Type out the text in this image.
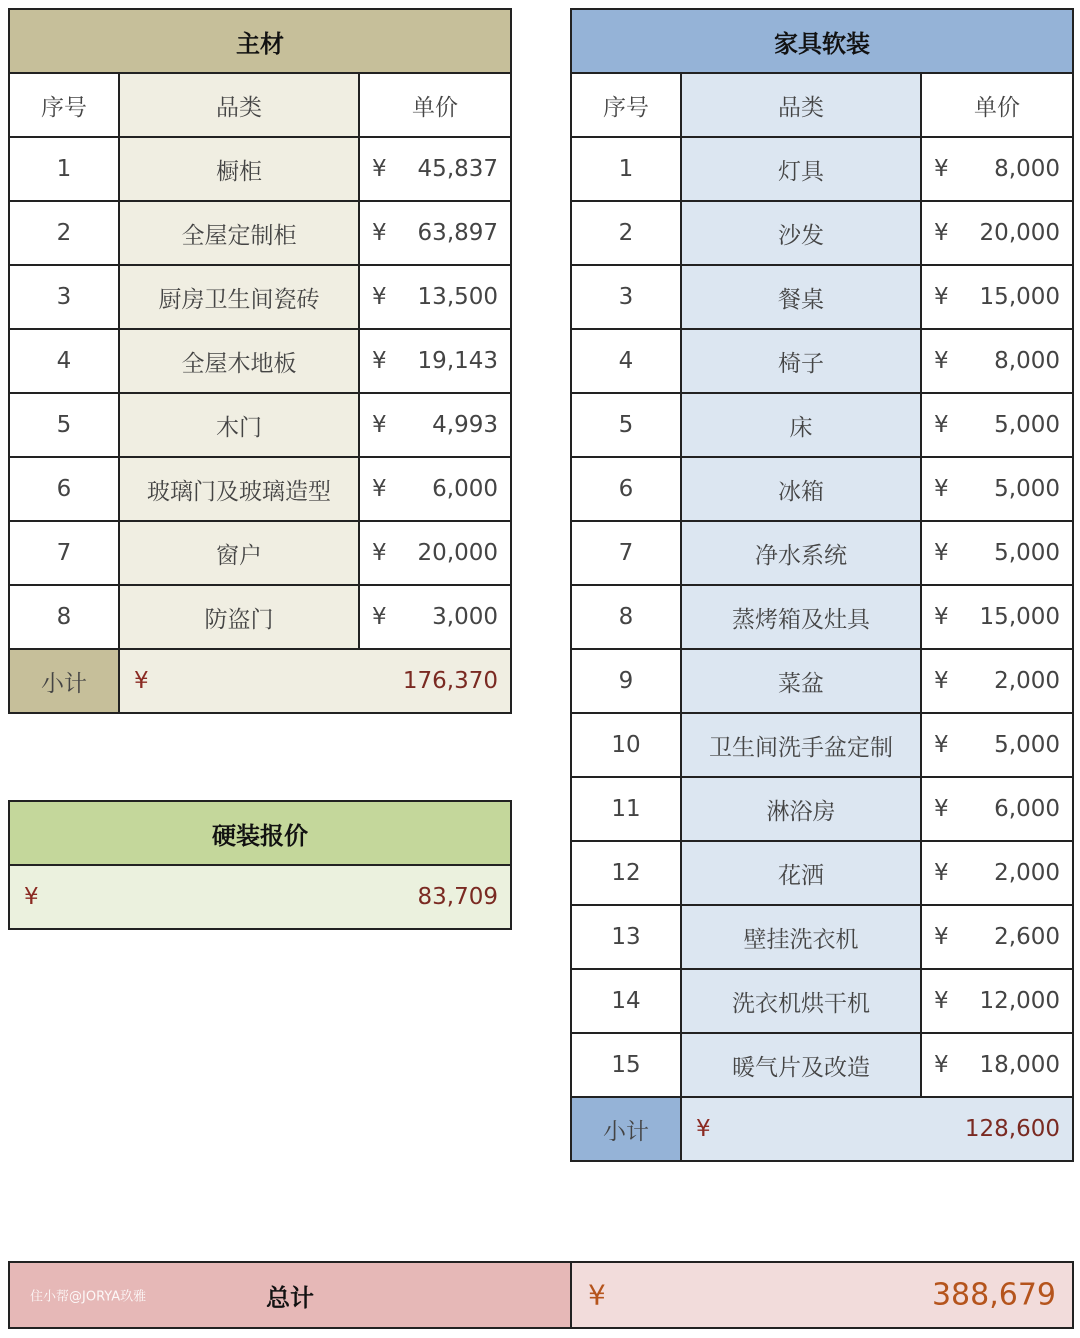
主材		
序号	品类	单价
1	橱柜	¥ 45,837

2	全屋定制柜	¥ 63,897

3	厨房卫生间瓷砖	¥ 13,500

4	全屋木地板	¥ 19,143

5	木门	¥ 4,993

6	玻璃门及玻璃造型	¥ 6,000

7	窗户	¥ 20,000

8	防盗门	¥ 3,000

小计	¥ 176,370	
硬装报价

¥	83,709
家具软装		
序号	品类	单价
1	灯具	¥ 8,000

2	沙发	¥ 20,000

3	餐桌	¥ 15,000

4	椅子	¥ 8,000

5	床	¥ 5,000

6	冰箱	¥ 5,000

7	净水系统	¥ 5,000

8	蒸烤箱及灶具	¥ 15,000

9	菜盆	¥ 2,000

10	卫生间洗手盆定制	¥ 5,000

11	淋浴房	¥ 6,000

12	花洒	¥ 2,000

13	壁挂洗衣机	¥ 2,600

14	洗衣机烘干机	¥ 12,000

15	暖气片及改造	¥ 18,000

小计	¥ 128,600	
住小帮@JORYA玖雅	总计	¥	388,679
